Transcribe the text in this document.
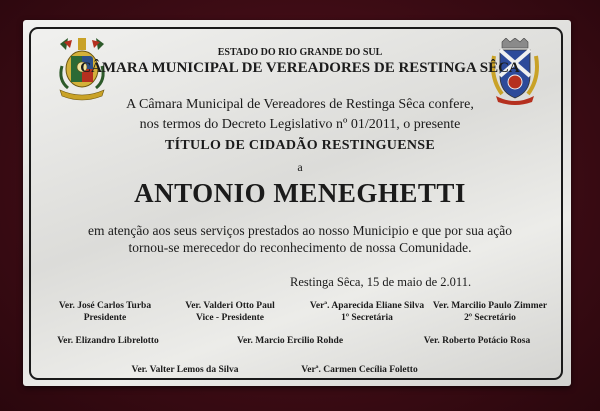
ESTADO DO RIO GRANDE DO SUL
CÂMARA MUNICIPAL DE VEREADORES DE RESTINGA SÊCA
A Câmara Municipal de Vereadores de Restinga Sêca confere,
nos termos do Decreto Legislativo nº 01/2011, o presente
TÍTULO DE CIDADÃO RESTINGUENSE
a
ANTONIO MENEGHETTI
em atenção aos seus serviços prestados ao nosso Municipio e que por sua ação
tornou-se merecedor do reconhecimento de nossa Comunidade.
Restinga Sêca, 15 de maio de 2.011.
Ver. José Carlos Turba
Presidente
Ver. Valderi Otto Paul
Vice - Presidente
Verª. Aparecida Eliane Silva
1º Secretária
Ver. Marcilio Paulo Zimmer
2º Secretário
Ver. Elizandro Librelotto	Ver. Marcio Ercilio Rohde	Ver. Roberto Potácio Rosa
Ver. Valter Lemos da Silva	Verª. Carmen Cecília Foletto
